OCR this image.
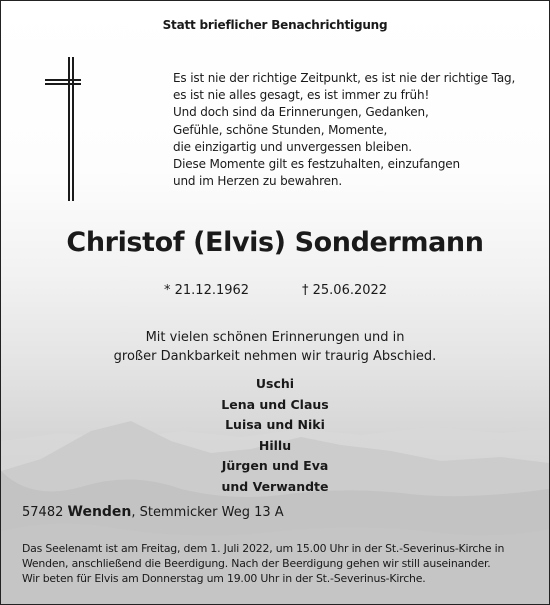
Statt brieflicher Benachrichtigung
Es ist nie der richtige Zeitpunkt, es ist nie der richtige Tag,
es ist nie alles gesagt, es ist immer zu früh!
Und doch sind da Erinnerungen, Gedanken,
Gefühle, schöne Stunden, Momente,
die einzigartig und unvergessen bleiben.
Diese Momente gilt es festzuhalten, einzufangen
und im Herzen zu bewahren.
Christof (Elvis) Sondermann
* 21.12.1962	† 25.06.2022
Mit vielen schönen Erinnerungen und in
großer Dankbarkeit nehmen wir traurig Abschied.
Uschi
Lena und Claus
Luisa und Niki
Hillu
Jürgen und Eva
und Verwandte
57482 Wenden, Stemmicker Weg 13 A
Das Seelenamt ist am Freitag, dem 1. Juli 2022, um 15.00 Uhr in der St.-Severinus-Kirche in
Wenden, anschließend die Beerdigung. Nach der Beerdigung gehen wir still auseinander.
Wir beten für Elvis am Donnerstag um 19.00 Uhr in der St.-Severinus-Kirche.
